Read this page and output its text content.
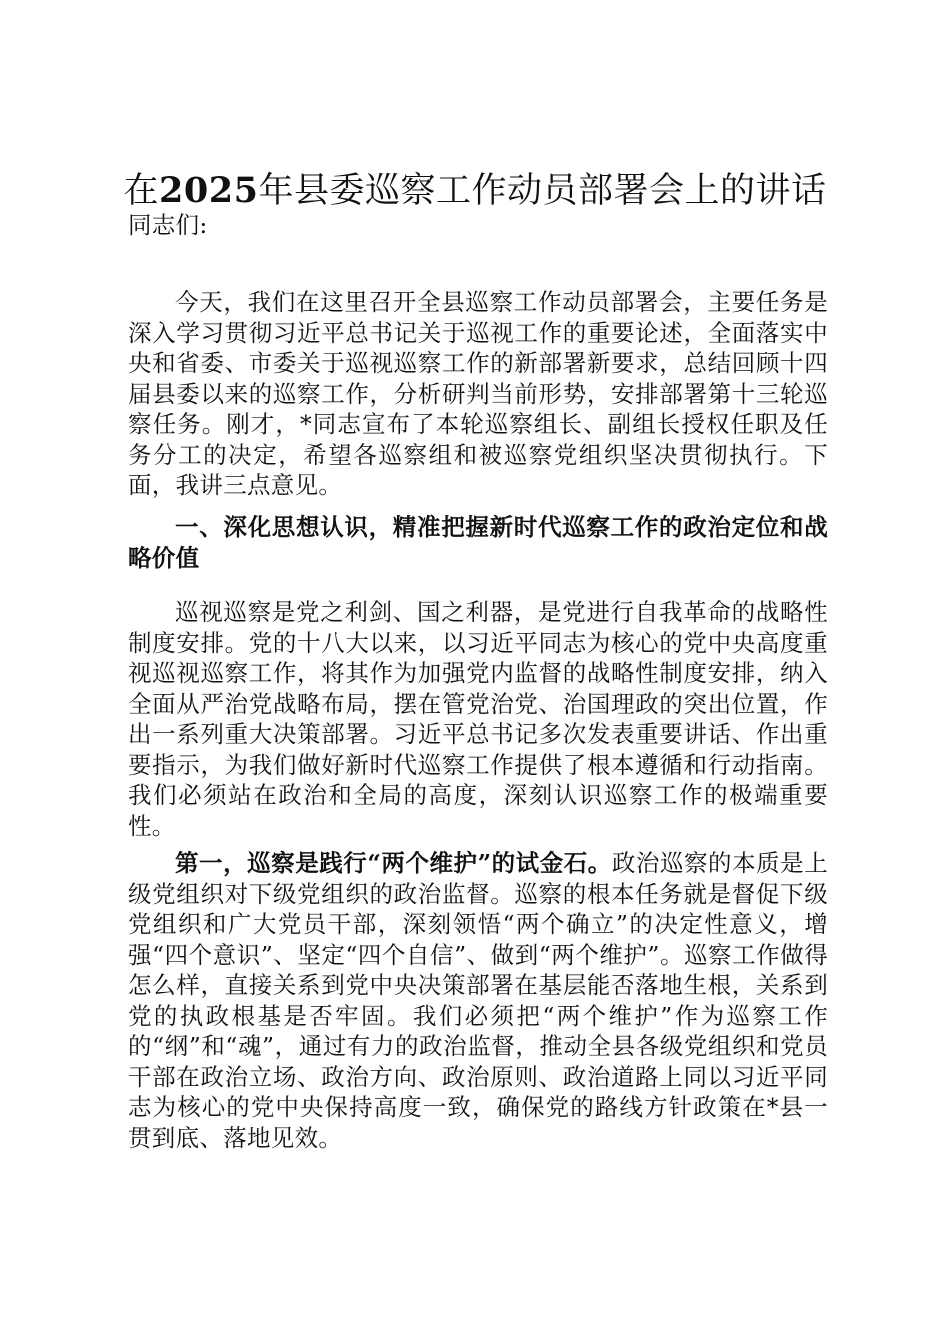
在2025年县委巡察工作动员部署会上的讲话
同志们:
今天，我们在这里召开全县巡察工作动员部署会，主要任务是深入学习贯彻习近平总书记关于巡视工作的重要论述，全面落实中央和省委、市委关于巡视巡察工作的新部署新要求，总结回顾十四届县委以来的巡察工作，分析研判当前形势，安排部署第十三轮巡察任务。刚才，*同志宣布了本轮巡察组长、副组长授权任职及任务分工的决定，希望各巡察组和被巡察党组织坚决贯彻执行。下面，我讲三点意见。
一、深化思想认识，精准把握新时代巡察工作的政治定位和战略价值
巡视巡察是党之利剑、国之利器，是党进行自我革命的战略性制度安排。党的十八大以来，以习近平同志为核心的党中央高度重视巡视巡察工作，将其作为加强党内监督的战略性制度安排，纳入全面从严治党战略布局，摆在管党治党、治国理政的突出位置，作出一系列重大决策部署。习近平总书记多次发表重要讲话、作出重要指示，为我们做好新时代巡察工作提供了根本遵循和行动指南。我们必须站在政治和全局的高度，深刻认识巡察工作的极端重要性。
第一，巡察是践行“两个维护”的试金石。政治巡察的本质是上级党组织对下级党组织的政治监督。巡察的根本任务就是督促下级党组织和广大党员干部，深刻领悟“两个确立”的决定性意义，增强“四个意识”、坚定“四个自信”、做到“两个维护”。巡察工作做得怎么样，直接关系到党中央决策部署在基层能否落地生根，关系到党的执政根基是否牢固。我们必须把“两个维护”作为巡察工作的“纲”和“魂”，通过有力的政治监督，推动全县各级党组织和党员干部在政治立场、政治方向、政治原则、政治道路上同以习近平同志为核心的党中央保持高度一致，确保党的路线方针政策在*县一贯到底、落地见效。
